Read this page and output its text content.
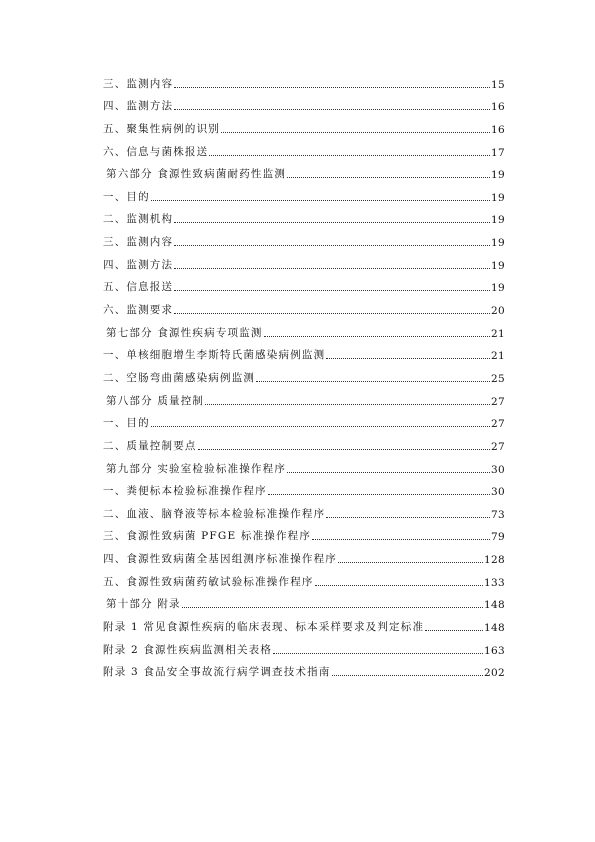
三、监测内容	15
四、监测方法	16
五、聚集性病例的识别	16
六、信息与菌株报送	17
第六部分 食源性致病菌耐药性监测	19
一、目的	19
二、监测机构	19
三、监测内容	19
四、监测方法	19
五、信息报送	19
六、监测要求	20
第七部分 食源性疾病专项监测	21
一、单核细胞增生李斯特氏菌感染病例监测	21
二、空肠弯曲菌感染病例监测	25
第八部分 质量控制	27
一、目的	27
二、质量控制要点	27
第九部分 实验室检验标准操作程序	30
一、粪便标本检验标准操作程序	30
二、血液、脑脊液等标本检验标准操作程序	73
三、食源性致病菌 PFGE 标准操作程序	79
四、食源性致病菌全基因组测序标准操作程序	128
五、食源性致病菌药敏试验标准操作程序	133
第十部分 附录	148
附录 1 常见食源性疾病的临床表现、标本采样要求及判定标准	148
附录 2 食源性疾病监测相关表格	163
附录 3 食品安全事故流行病学调查技术指南	202
